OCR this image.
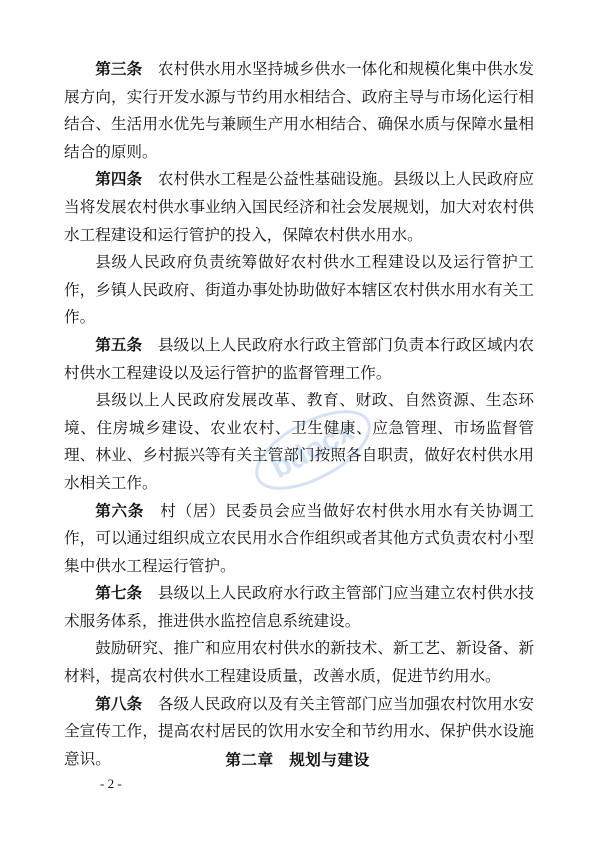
第三条 农村供水用水坚持城乡供水一体化和规模化集中供水发展方向，实行开发水源与节约用水相结合、政府主导与市场化运行相结合、生活用水优先与兼顾生产用水相结合、确保水质与保障水量相结合的原则。

第四条 农村供水工程是公益性基础设施。县级以上人民政府应当将发展农村供水事业纳入国民经济和社会发展规划，加大对农村供水工程建设和运行管护的投入，保障农村供水用水。

县级人民政府负责统筹做好农村供水工程建设以及运行管护工作，乡镇人民政府、街道办事处协助做好本辖区农村供水用水有关工作。

第五条 县级以上人民政府水行政主管部门负责本行政区域内农村供水工程建设以及运行管护的监督管理工作。

县级以上人民政府发展改革、教育、财政、自然资源、生态环境、住房城乡建设、农业农村、卫生健康、应急管理、市场监督管理、林业、乡村振兴等有关主管部门按照各自职责，做好农村供水用水相关工作。

第六条 村（居）民委员会应当做好农村供水用水有关协调工作，可以通过组织成立农民用水合作组织或者其他方式负责农村小型集中供水工程运行管护。

第七条 县级以上人民政府水行政主管部门应当建立农村供水技术服务体系，推进供水监控信息系统建设。

鼓励研究、推广和应用农村供水的新技术、新工艺、新设备、新材料，提高农村供水工程建设质量，改善水质，促进节约用水。

第八条 各级人民政府以及有关主管部门应当加强农村饮用水安全宣传工作，提高农村居民的饮用水安全和节约用水、保护供水设施意识。	第二章 规划与建设
- 2 -
bdocx
